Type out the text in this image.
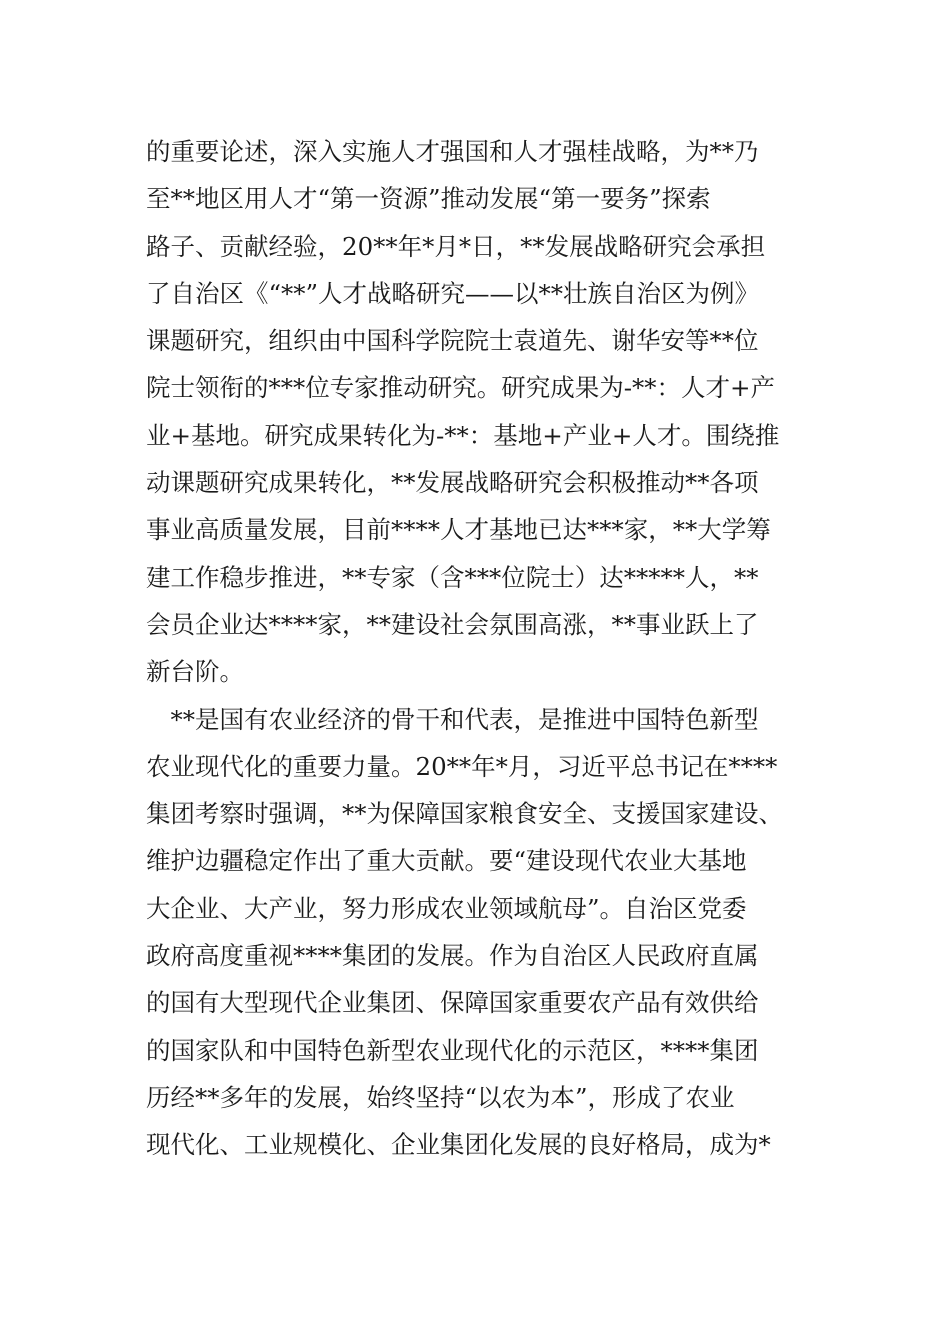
的重要论述，深入实施人才强国和人才强桂战略，为**乃
至**地区用人才“第一资源”推动发展“第一要务”探索
路子、贡献经验，20**年*月*日，**发展战略研究会承担
了自治区《“**”人才战略研究——以**壮族自治区为例》
课题研究，组织由中国科学院院士袁道先、谢华安等**位
院士领衔的***位专家推动研究。研究成果为-**：人才+产
业+基地。研究成果转化为-**：基地+产业+人才。围绕推
动课题研究成果转化，**发展战略研究会积极推动**各项
事业高质量发展，目前****人才基地已达***家，**大学筹
建工作稳步推进，**专家（含***位院士）达*****人，**
会员企业达****家，**建设社会氛围高涨，**事业跃上了
新台阶。
　**是国有农业经济的骨干和代表，是推进中国特色新型
农业现代化的重要力量。20**年*月，习近平总书记在****
集团考察时强调，**为保障国家粮食安全、支援国家建设、
维护边疆稳定作出了重大贡献。要“建设现代农业大基地
大企业、大产业，努力形成农业领域航母”。自治区党委
政府高度重视****集团的发展。作为自治区人民政府直属
的国有大型现代企业集团、保障国家重要农产品有效供给
的国家队和中国特色新型农业现代化的示范区，****集团
历经**多年的发展，始终坚持“以农为本”，形成了农业
现代化、工业规模化、企业集团化发展的良好格局，成为*
